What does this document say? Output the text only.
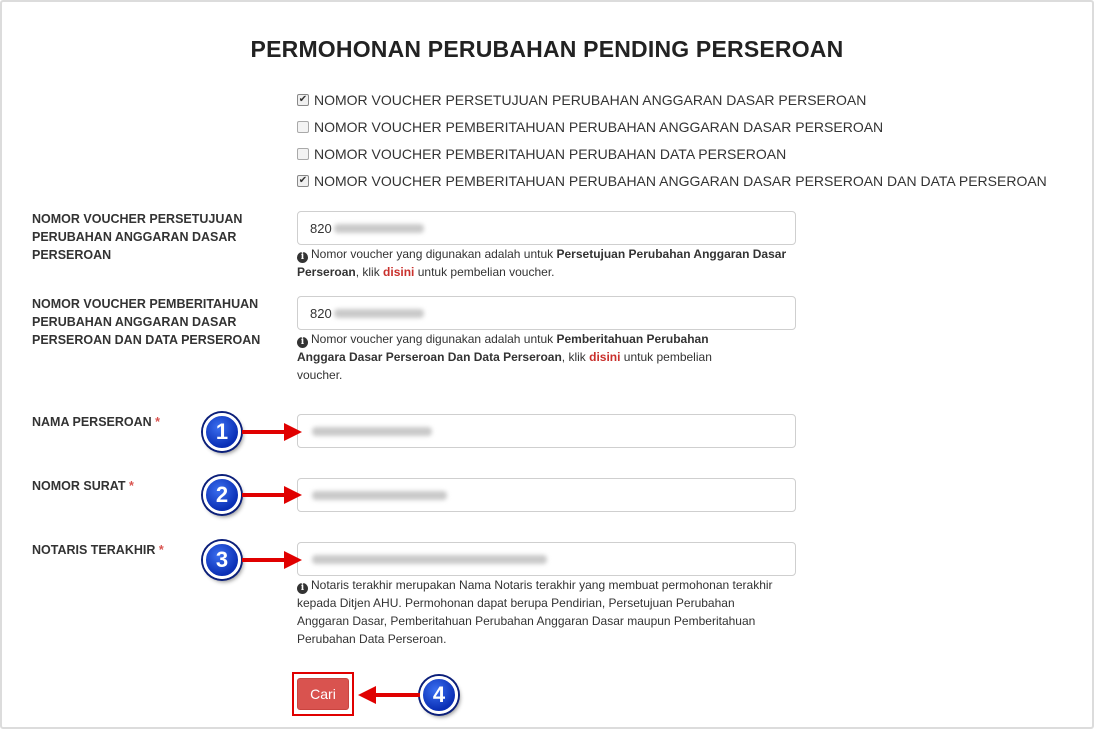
PERMOHONAN PERUBAHAN PENDING PERSEROAN
✔ NOMOR VOUCHER PERSETUJUAN PERUBAHAN ANGGARAN DASAR PERSEROAN
NOMOR VOUCHER PEMBERITAHUAN PERUBAHAN ANGGARAN DASAR PERSEROAN
NOMOR VOUCHER PEMBERITAHUAN PERUBAHAN DATA PERSEROAN
✔ NOMOR VOUCHER PEMBERITAHUAN PERUBAHAN ANGGARAN DASAR PERSEROAN DAN DATA PERSEROAN
NOMOR VOUCHER PERSETUJUAN PERUBAHAN ANGGARAN DASAR PERSEROAN
820
i Nomor voucher yang digunakan adalah untuk Persetujuan Perubahan Anggaran Dasar Perseroan, klik disini untuk pembelian voucher.
NOMOR VOUCHER PEMBERITAHUAN PERUBAHAN ANGGARAN DASAR PERSEROAN DAN DATA PERSEROAN
820
i Nomor voucher yang digunakan adalah untuk Pemberitahuan Perubahan Anggara Dasar Perseroan Dan Data Perseroan, klik disini untuk pembelian voucher.
NAMA PERSEROAN *
NOMOR SURAT *
NOTARIS TERAKHIR *
i Notaris terakhir merupakan Nama Notaris terakhir yang membuat permohonan terakhir kepada Ditjen AHU. Permohonan dapat berupa Pendirian, Persetujuan Perubahan Anggaran Dasar, Pemberitahuan Perubahan Anggaran Dasar maupun Pemberitahuan Perubahan Data Perseroan.
Cari
1
2
3
4
